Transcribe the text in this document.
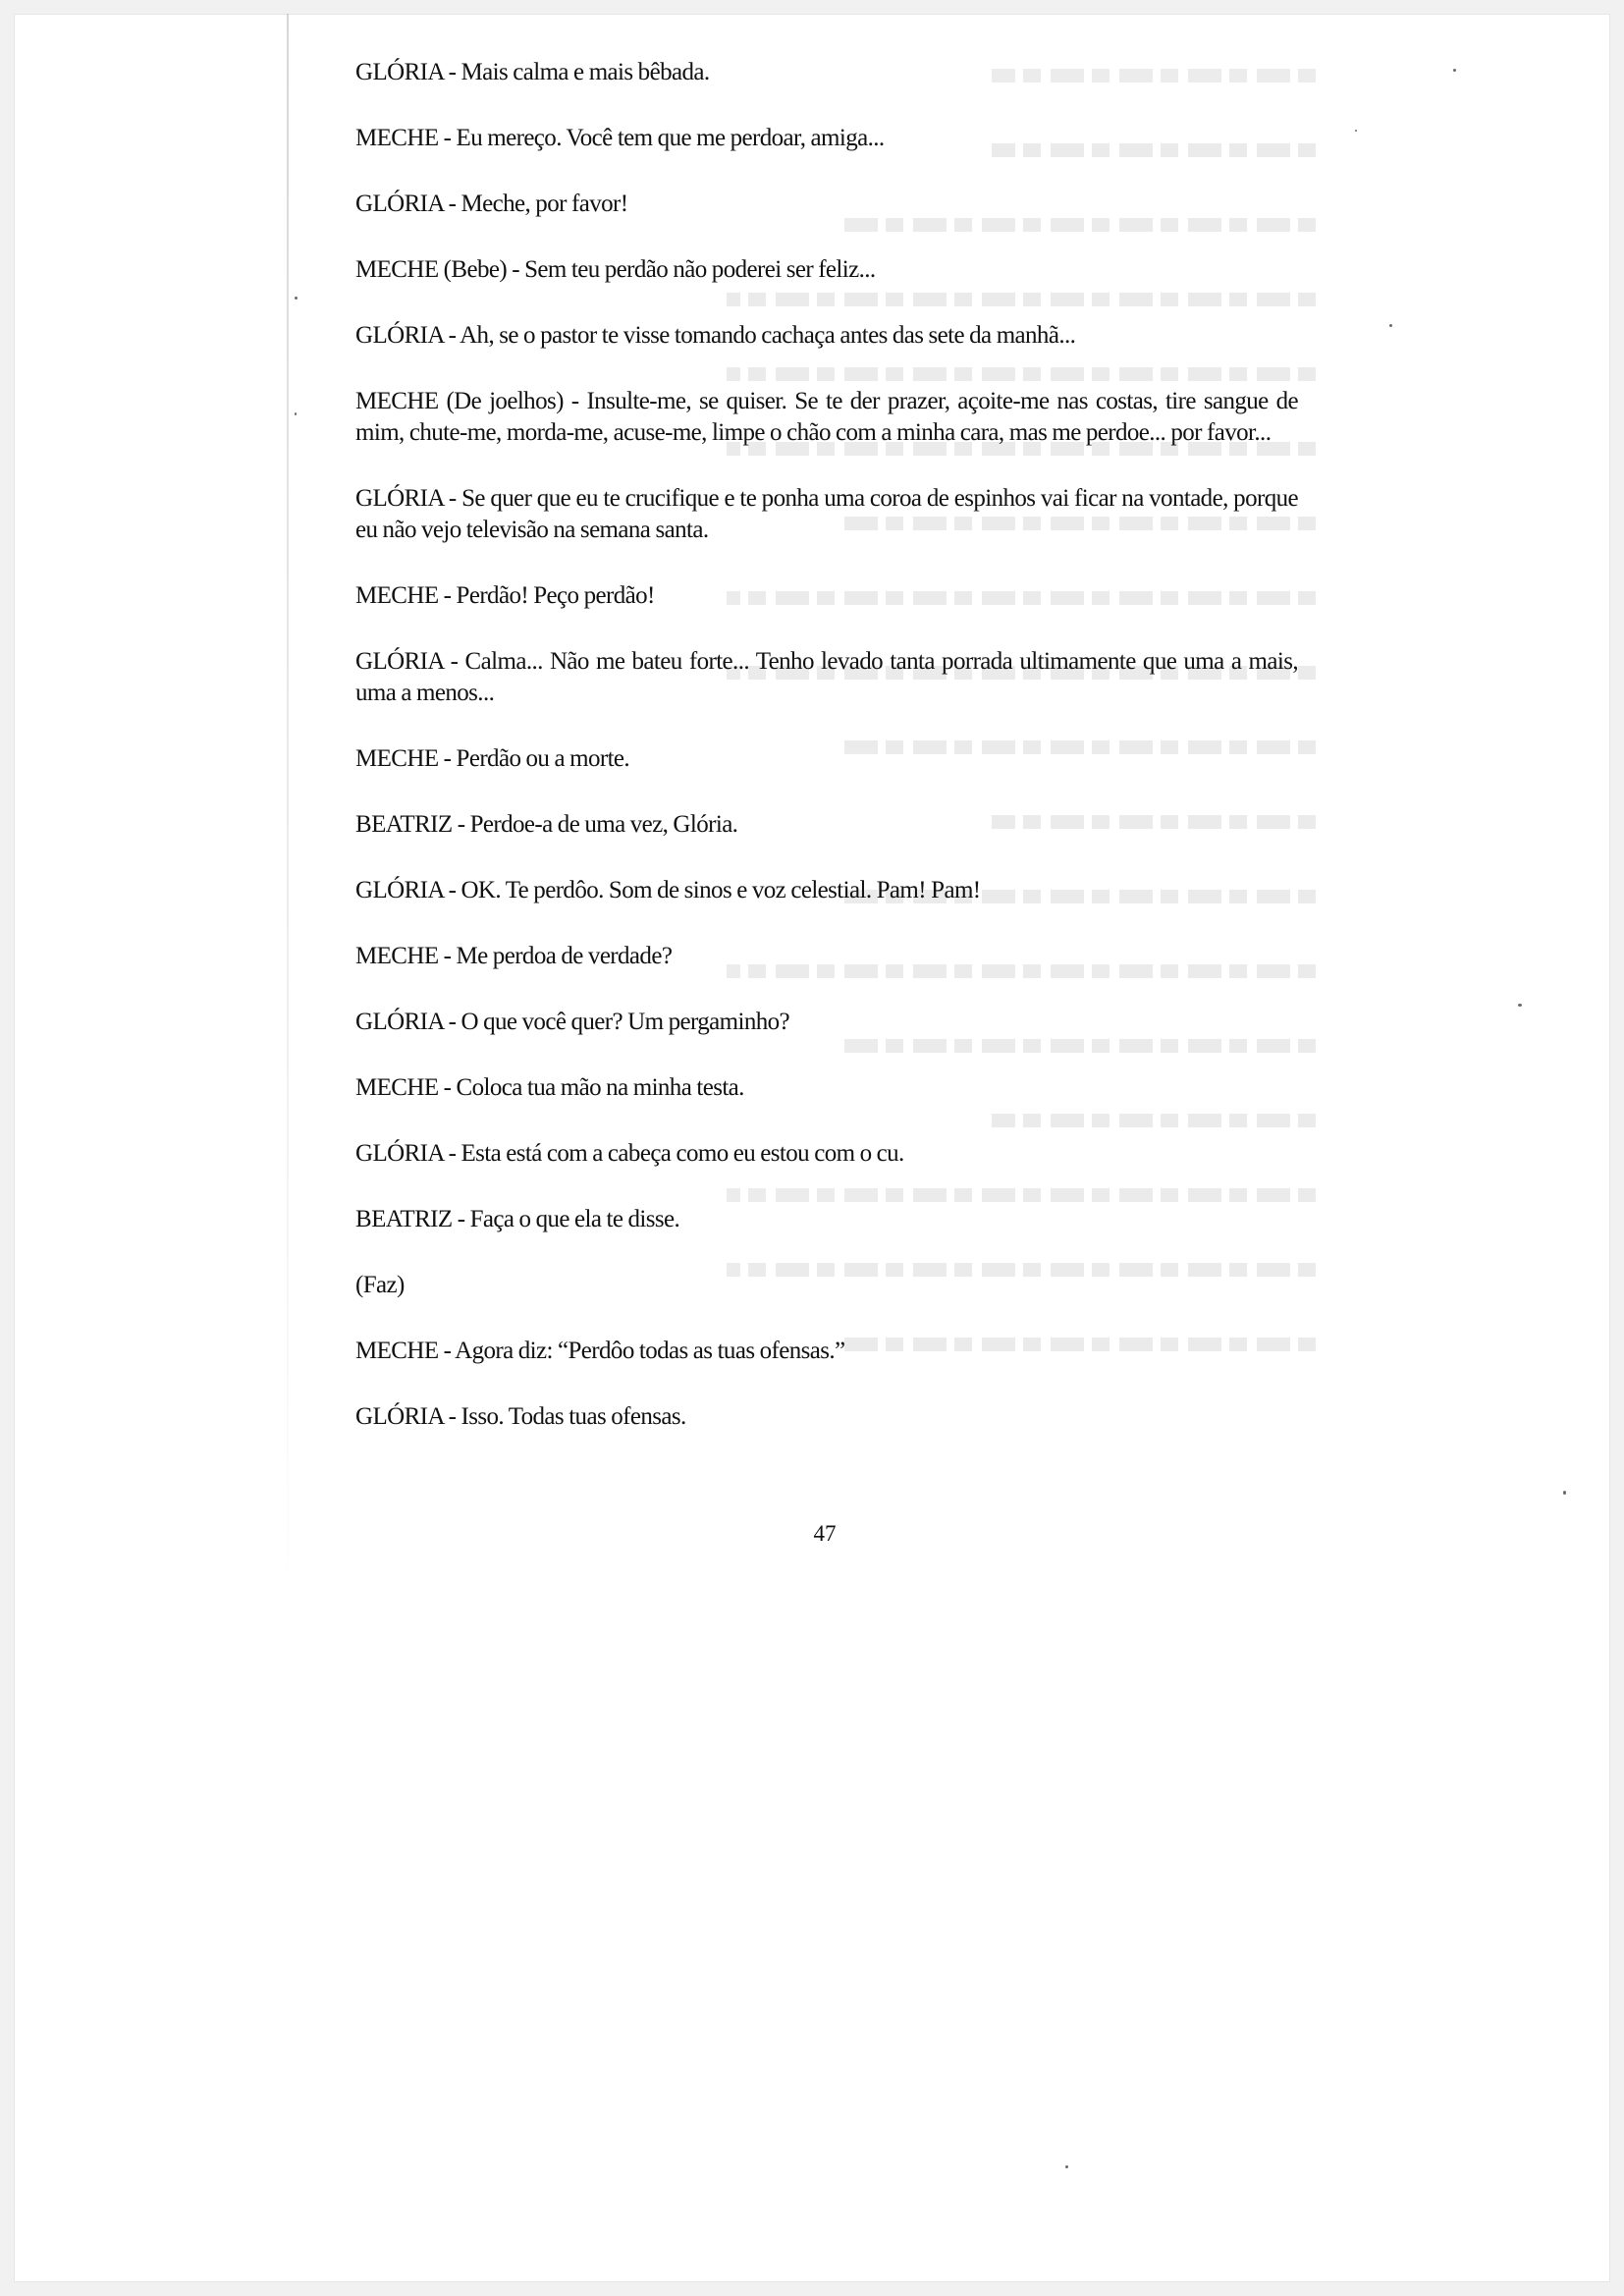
GLÓRIA - Mais calma e mais bêbada.

MECHE - Eu mereço. Você tem que me perdoar, amiga...

GLÓRIA - Meche, por favor!

MECHE (Bebe) - Sem teu perdão não poderei ser feliz...

GLÓRIA - Ah, se o pastor te visse tomando cachaça antes das sete da manhã...

MECHE (De joelhos) - Insulte-me, se quiser. Se te der prazer, açoite-me nas costas, tire sangue de mim, chute-me, morda-me, acuse-me, limpe o chão com a minha cara, mas me perdoe... por favor...

GLÓRIA - Se quer que eu te crucifique e te ponha uma coroa de espinhos vai ficar na vontade, porque eu não vejo televisão na semana santa.

MECHE - Perdão! Peço perdão!

GLÓRIA - Calma... Não me bateu forte... Tenho levado tanta porrada ultimamente que uma a mais, uma a menos...

MECHE - Perdão ou a morte.

BEATRIZ - Perdoe-a de uma vez, Glória.

GLÓRIA - OK. Te perdôo. Som de sinos e voz celestial. Pam! Pam!

MECHE - Me perdoa de verdade?

GLÓRIA - O que você quer? Um pergaminho?

MECHE - Coloca tua mão na minha testa.

GLÓRIA - Esta está com a cabeça como eu estou com o cu.

BEATRIZ - Faça o que ela te disse.

(Faz)

MECHE - Agora diz: “Perdôo todas as tuas ofensas.”

GLÓRIA - Isso. Todas tuas ofensas.

47
